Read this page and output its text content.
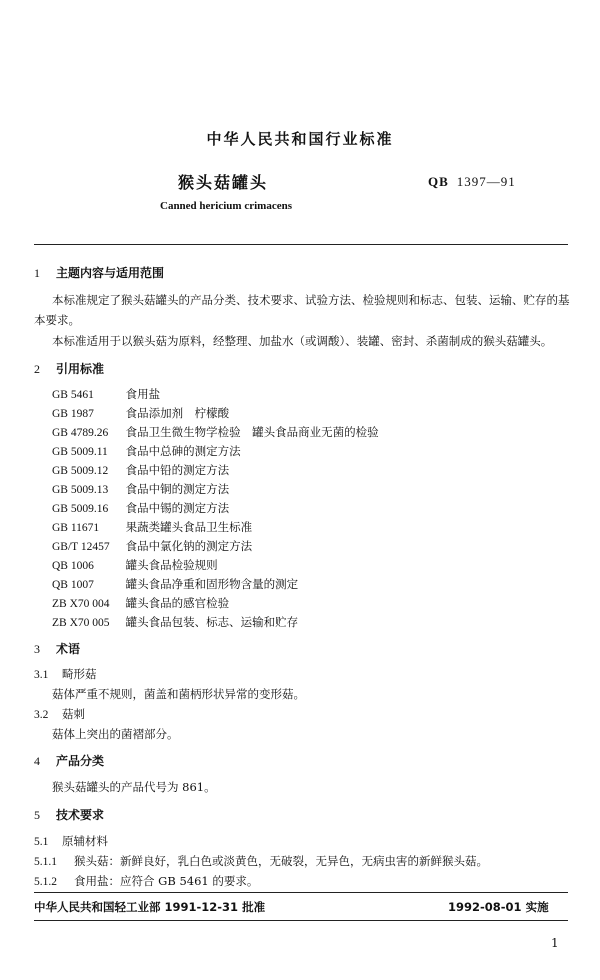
中华人民共和国行业标准
猴头菇罐头	QB 1397—91
Canned hericium crimacens
1 主题内容与适用范围
本标准规定了猴头菇罐头的产品分类、技术要求、试验方法、检验规则和标志、包装、运输、贮存的基
本要求。
本标准适用于以猴头菇为原料，经整理、加盐水（或调酸）、装罐、密封、杀菌制成的猴头菇罐头。
2 引用标准
GB 5461	食用盐
GB 1987	食品添加剂　柠檬酸
GB 4789.26 食品卫生微生物学检验　罐头食品商业无菌的检验
GB 5009.11 食品中总砷的测定方法
GB 5009.12 食品中铅的测定方法
GB 5009.13 食品中铜的测定方法
GB 5009.16 食品中锡的测定方法
GB 11671 果蔬类罐头食品卫生标准
GB/T 12457 食品中氯化钠的测定方法
QB 1006	罐头食品检验规则
QB 1007	罐头食品净重和固形物含量的测定
ZB X70 004 罐头食品的感官检验
ZB X70 005 罐头食品包装、标志、运输和贮存
3 术语
3.1 畸形菇
菇体严重不规则，菌盖和菌柄形状异常的变形菇。
3.2 菇刺
菇体上突出的菌褶部分。
4 产品分类
猴头菇罐头的产品代号为 861。
5 技术要求
5.1 原辅材料
5.1.1 猴头菇：新鲜良好，乳白色或淡黄色，无破裂，无异色，无病虫害的新鲜猴头菇。
5.1.2 食用盐：应符合 GB 5461 的要求。
中华人民共和国轻工业部 1991-12-31 批准	1992-08-01 实施
1
